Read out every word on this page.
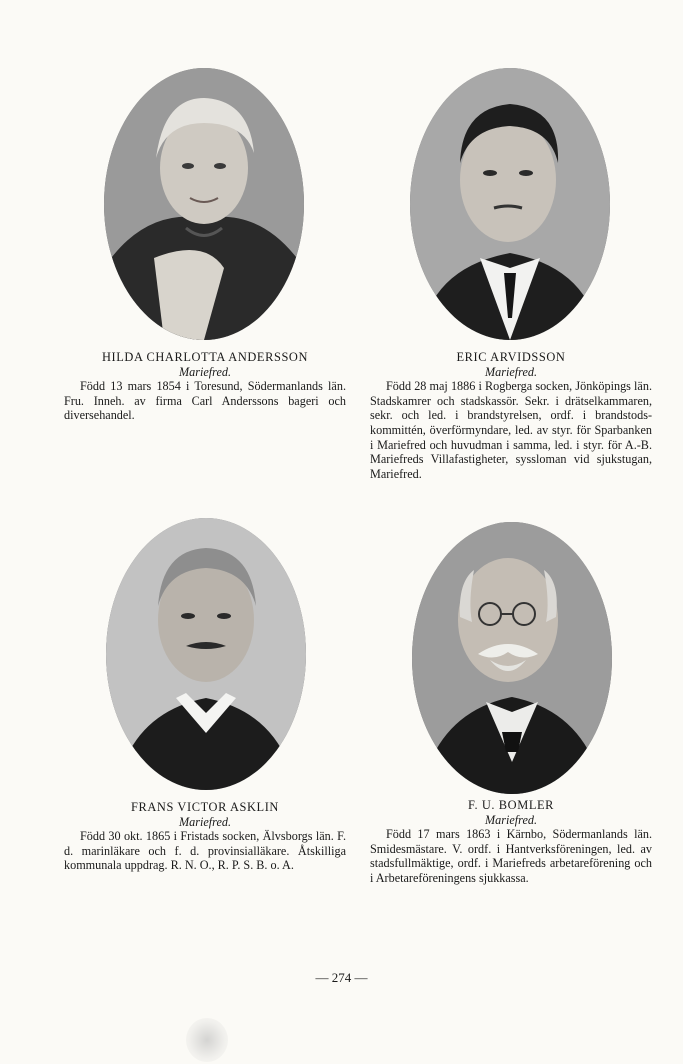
HILDA CHARLOTTA ANDERSSON
Mariefred.
Född 13 mars 1854 i Toresund, Södermanlands län. Fru. Inneh. av firma Carl Anderssons bageri och diversehandel.
ERIC ARVIDSSON
Mariefred.
Född 28 maj 1886 i Rogberga socken, Jönköpings län. Stadskamrer och stadskassör. Sekr. i drätselkammaren, sekr. och led. i brandstyrelsen, ordf. i brandstodskommittén, överförmyndare, led. av styr. för Sparbanken i Mariefred och huvudman i samma, led. i styr. för A.-B. Mariefreds Villafastigheter, syssloman vid sjukstugan, Mariefred.
FRANS VICTOR ASKLIN
Mariefred.
Född 30 okt. 1865 i Fristads socken, Älvsborgs län. F. d. marinläkare och f. d. provinsialläkare. Åtskilliga kommunala uppdrag. R. N. O., R. P. S. B. o. A.
F. U. BOMLER
Mariefred.
Född 17 mars 1863 i Kärnbo, Södermanlands län. Smidesmästare. V. ordf. i Hantverksföreningen, led. av stadsfullmäktige, ordf. i Mariefreds arbetareförening och i Arbetareföreningens sjukkassa.
— 274 —
